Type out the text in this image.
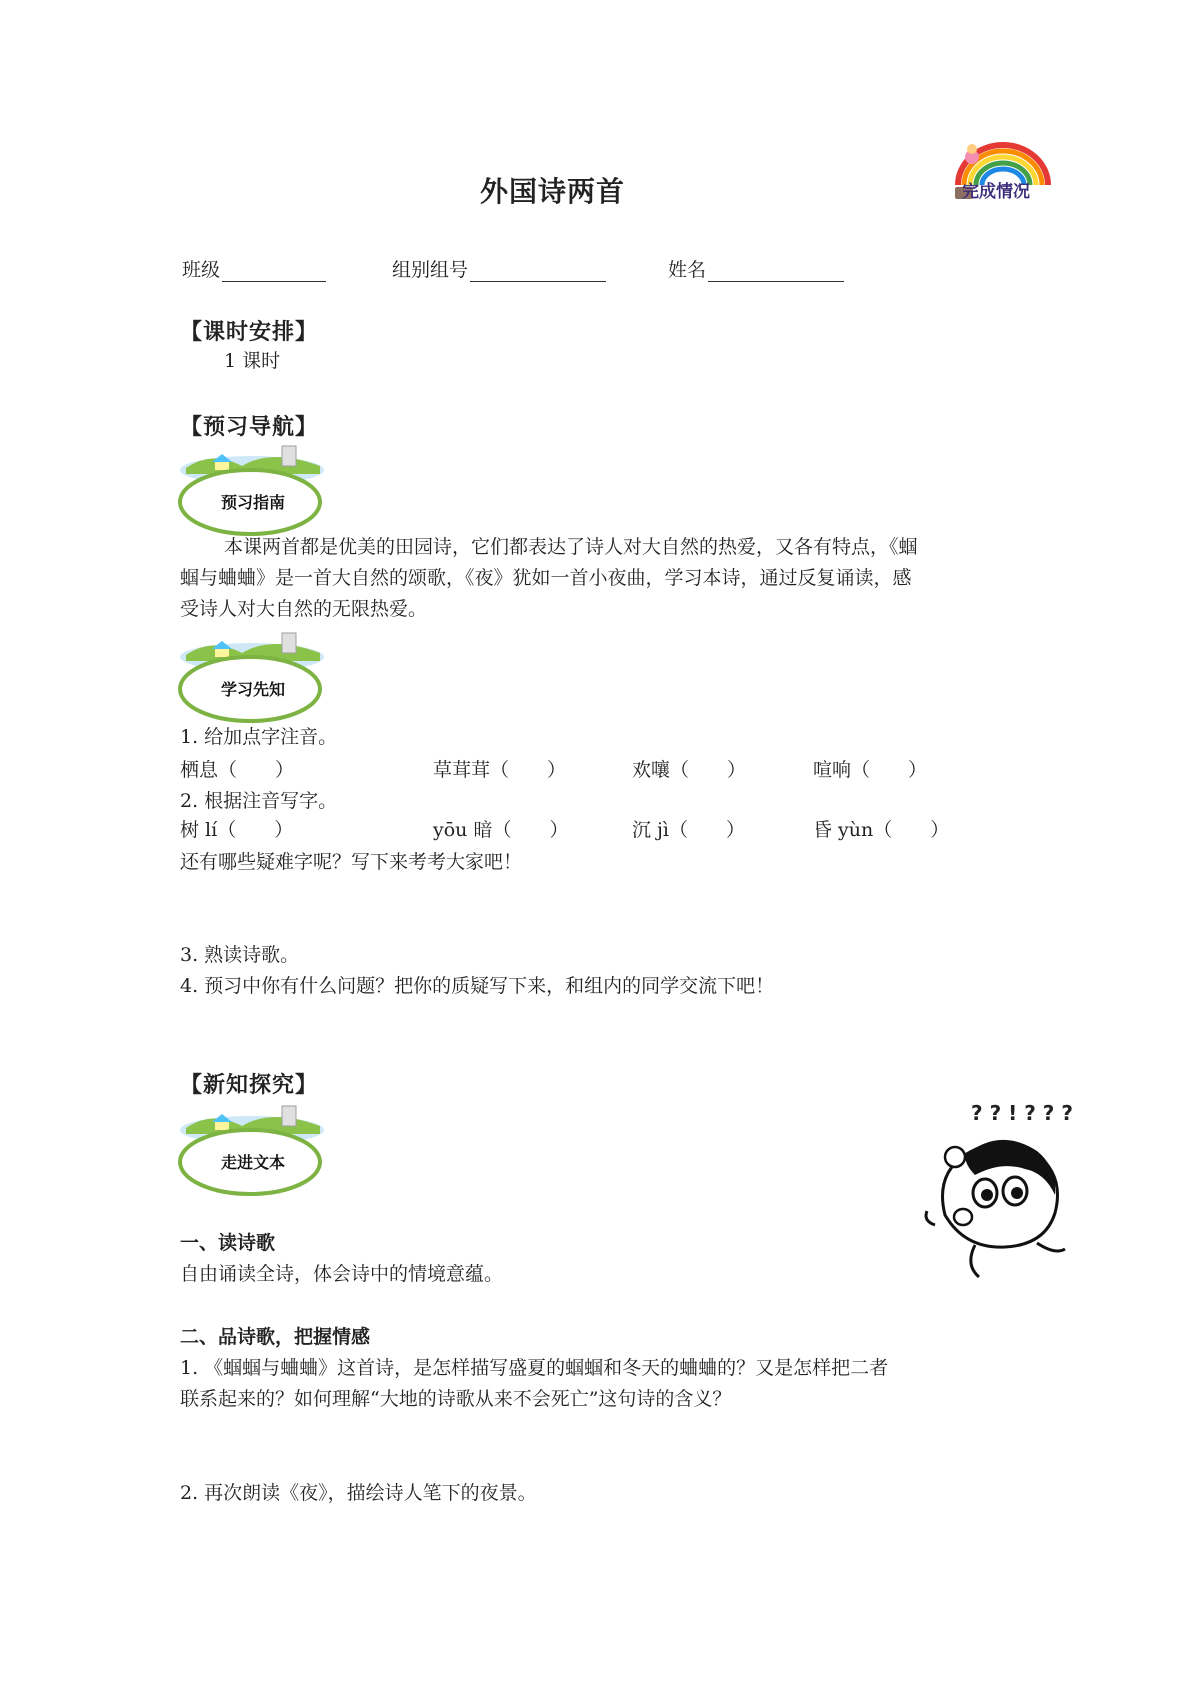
外国诗两首	完成情况
班级	组别组号	姓名
【课时安排】
1 课时
【预习导航】
预习指南
本课两首都是优美的田园诗，它们都表达了诗人对大自然的热爱，又各有特点，《蝈
蝈与蛐蛐》是一首大自然的颂歌，《夜》犹如一首小夜曲，学习本诗，通过反复诵读，感
受诗人对大自然的无限热爱。
学习先知
1. 给加点字注音。
栖息（　　）	草茸茸（　　）	欢嚷（　　）	喧响（　　）
2. 根据注音写字。
树 lí（　　）	yōu 暗（　　）	沉 jì（　　）	昏 yùn（　　）
还有哪些疑难字呢？写下来考考大家吧！
3. 熟读诗歌。
4. 预习中你有什么问题？把你的质疑写下来，和组内的同学交流下吧！
【新知探究】
走进文本
? ? ! ? ? ?
一、读诗歌
自由诵读全诗，体会诗中的情境意蕴。
二、品诗歌，把握情感
1. 《蝈蝈与蛐蛐》这首诗，是怎样描写盛夏的蝈蝈和冬天的蛐蛐的？又是怎样把二者
联系起来的？如何理解“大地的诗歌从来不会死亡”这句诗的含义？
2. 再次朗读《夜》，描绘诗人笔下的夜景。
